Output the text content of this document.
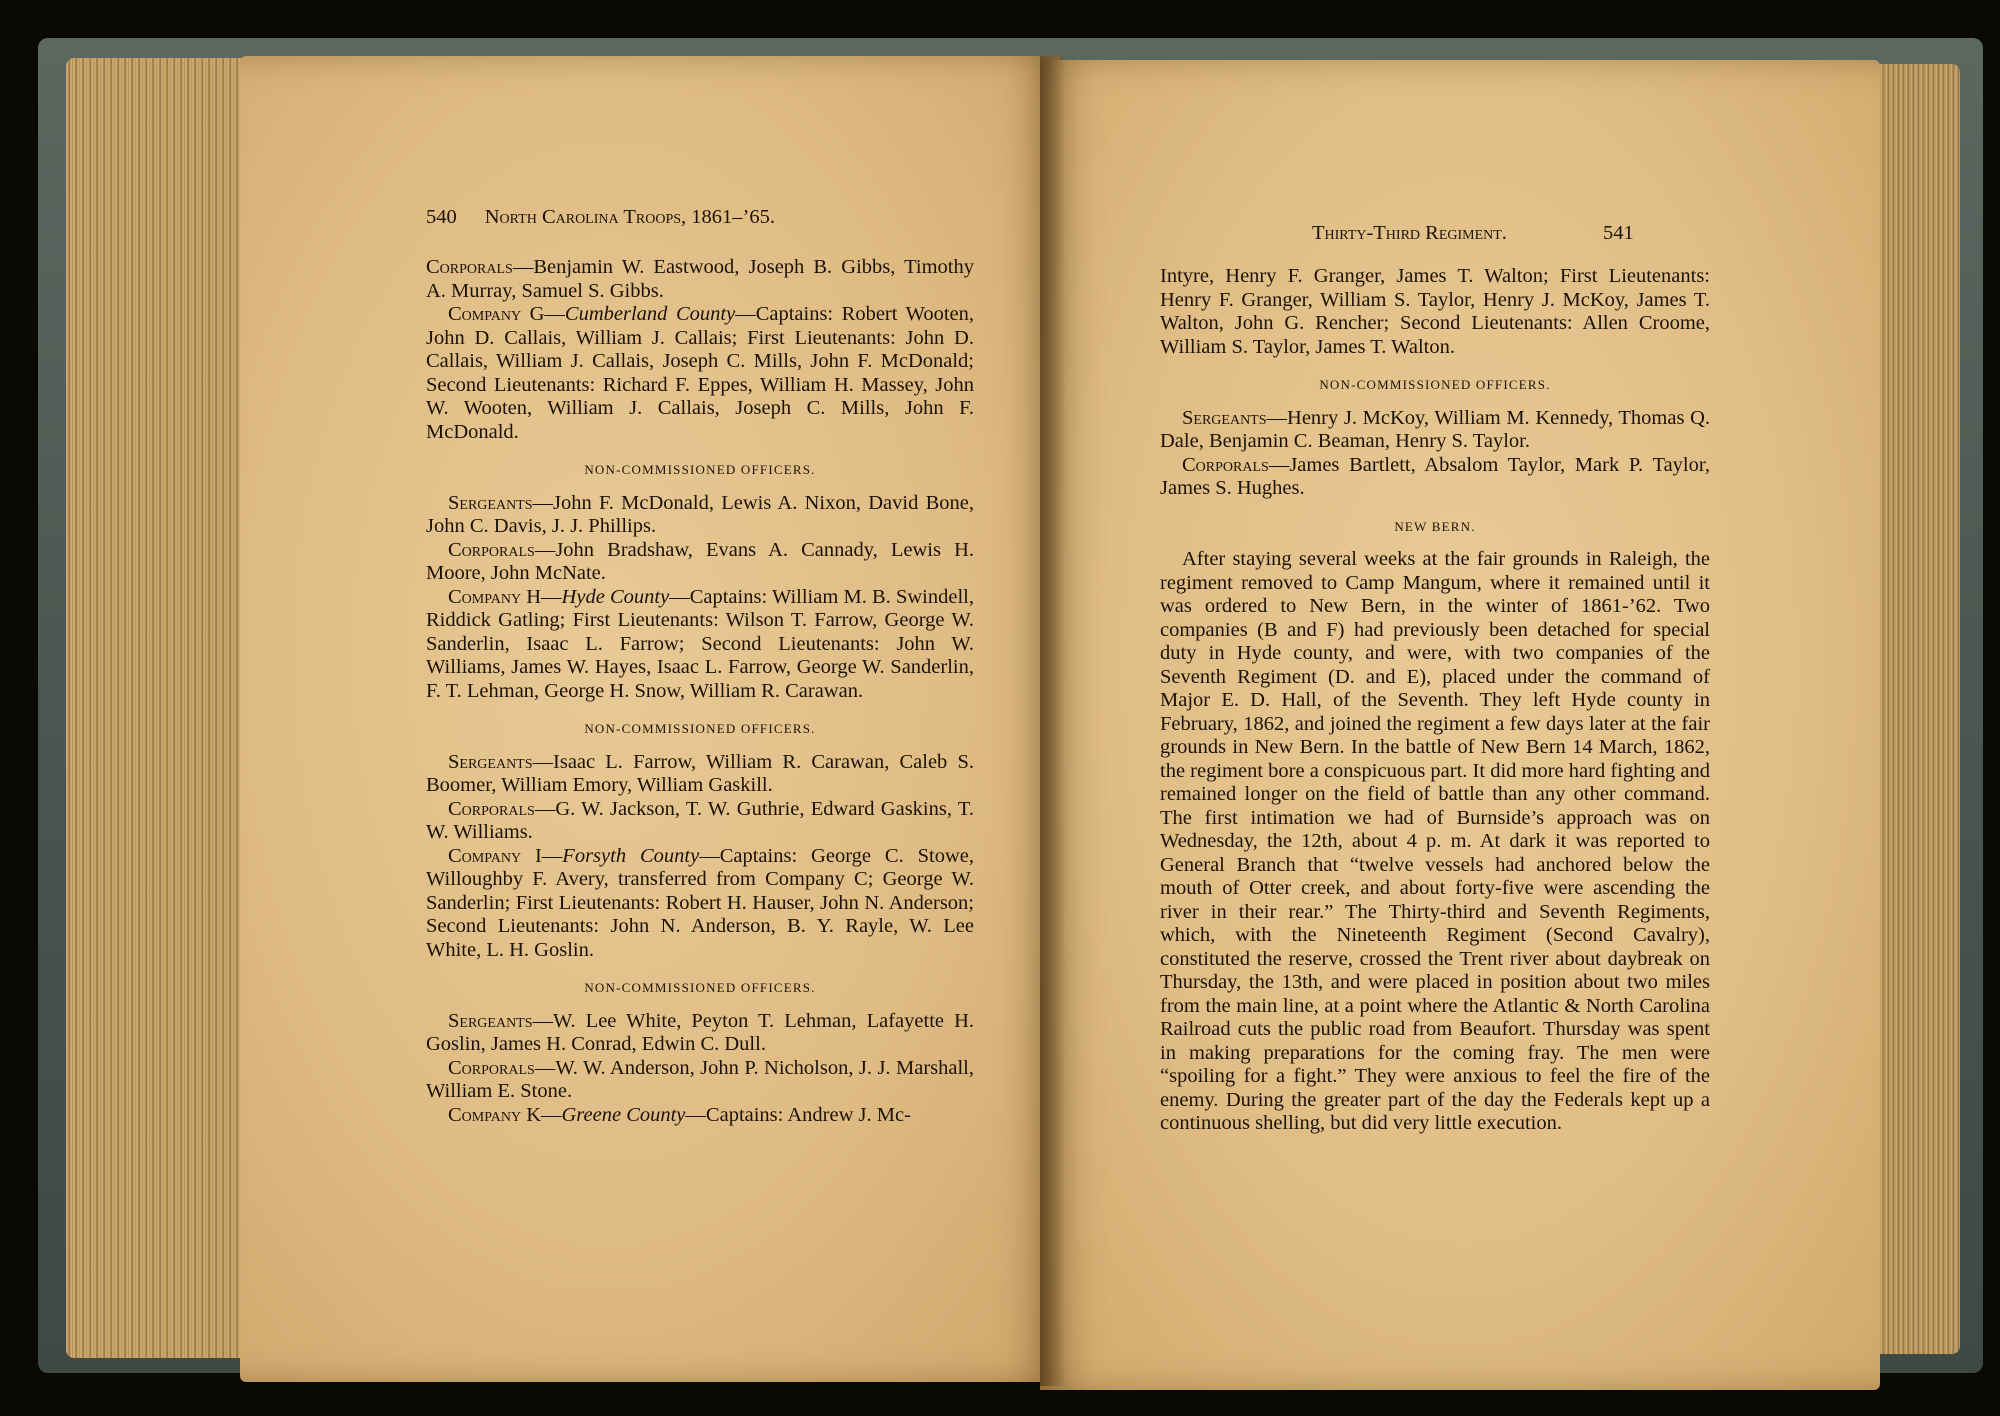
540 North Carolina Troops, 1861–’65.

Corporals—Benjamin W. Eastwood, Joseph B. Gibbs, Timothy A. Murray, Samuel S. Gibbs.

Company G—Cumberland County—Captains: Robert Wooten, John D. Callais, William J. Callais; First Lieutenants: John D. Callais, William J. Callais, Joseph C. Mills, John F. McDonald; Second Lieutenants: Richard F. Eppes, William H. Massey, John W. Wooten, William J. Callais, Joseph C. Mills, John F. McDonald.

NON-COMMISSIONED OFFICERS.

Sergeants—John F. McDonald, Lewis A. Nixon, David Bone, John C. Davis, J. J. Phillips.

Corporals—John Bradshaw, Evans A. Cannady, Lewis H. Moore, John McNate.

Company H—Hyde County—Captains: William M. B. Swindell, Riddick Gatling; First Lieutenants: Wilson T. Farrow, George W. Sanderlin, Isaac L. Farrow; Second Lieutenants: John W. Williams, James W. Hayes, Isaac L. Farrow, George W. Sanderlin, F. T. Lehman, George H. Snow, William R. Carawan.

NON-COMMISSIONED OFFICERS.

Sergeants—Isaac L. Farrow, William R. Carawan, Caleb S. Boomer, William Emory, William Gaskill.

Corporals—G. W. Jackson, T. W. Guthrie, Edward Gaskins, T. W. Williams.

Company I—Forsyth County—Captains: George C. Stowe, Willoughby F. Avery, transferred from Company C; George W. Sanderlin; First Lieutenants: Robert H. Hauser, John N. Anderson; Second Lieutenants: John N. Anderson, B. Y. Rayle, W. Lee White, L. H. Goslin.

NON-COMMISSIONED OFFICERS.

Sergeants—W. Lee White, Peyton T. Lehman, Lafayette H. Goslin, James H. Conrad, Edwin C. Dull.

Corporals—W. W. Anderson, John P. Nicholson, J. J. Marshall, William E. Stone.

Company K—Greene County—Captains: Andrew J. Mc-

Thirty-Third Regiment.	541

Intyre, Henry F. Granger, James T. Walton; First Lieutenants: Henry F. Granger, William S. Taylor, Henry J. McKoy, James T. Walton, John G. Rencher; Second Lieutenants: Allen Croome, William S. Taylor, James T. Walton.

NON-COMMISSIONED OFFICERS.

Sergeants—Henry J. McKoy, William M. Kennedy, Thomas Q. Dale, Benjamin C. Beaman, Henry S. Taylor.

Corporals—James Bartlett, Absalom Taylor, Mark P. Taylor, James S. Hughes.

NEW BERN.

After staying several weeks at the fair grounds in Raleigh, the regiment removed to Camp Mangum, where it remained until it was ordered to New Bern, in the winter of 1861-’62. Two companies (B and F) had previously been detached for special duty in Hyde county, and were, with two companies of the Seventh Regiment (D. and E), placed under the command of Major E. D. Hall, of the Seventh. They left Hyde county in February, 1862, and joined the regiment a few days later at the fair grounds in New Bern. In the battle of New Bern 14 March, 1862, the regiment bore a conspicuous part. It did more hard fighting and remained longer on the field of battle than any other command. The first intimation we had of Burnside’s approach was on Wednesday, the 12th, about 4 p. m. At dark it was reported to General Branch that “twelve vessels had anchored below the mouth of Otter creek, and about forty-five were ascending the river in their rear.” The Thirty-third and Seventh Regiments, which, with the Nineteenth Regiment (Second Cavalry), constituted the reserve, crossed the Trent river about daybreak on Thursday, the 13th, and were placed in position about two miles from the main line, at a point where the Atlantic & North Carolina Railroad cuts the public road from Beaufort. Thursday was spent in making preparations for the coming fray. The men were “spoiling for a fight.” They were anxious to feel the fire of the enemy. During the greater part of the day the Federals kept up a continuous shelling, but did very little execution.
